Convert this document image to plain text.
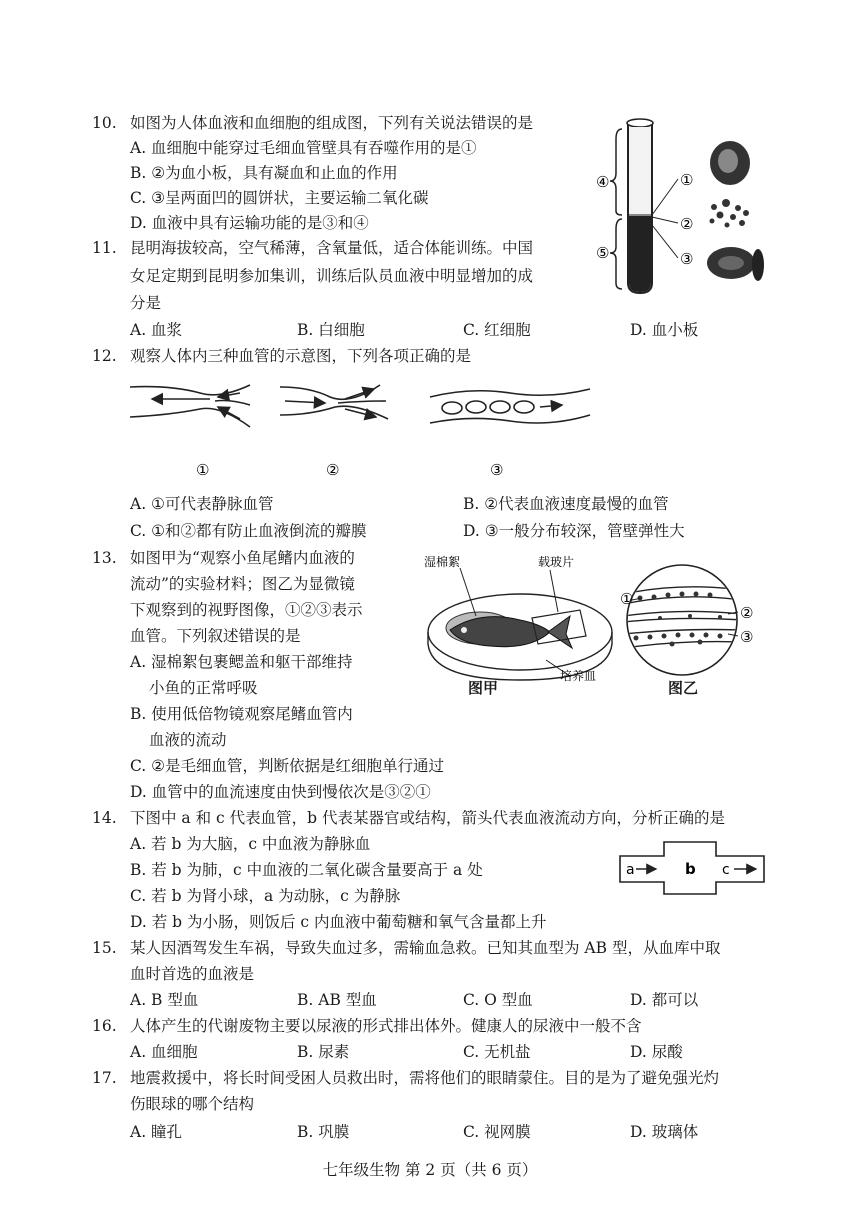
10. 如图为人体血液和血细胞的组成图，下列有关说法错误的是
A. 血细胞中能穿过毛细血管壁具有吞噬作用的是①
B. ②为血小板，具有凝血和止血的作用
C. ③呈两面凹的圆饼状，主要运输二氧化碳
D. 血液中具有运输功能的是③和④
④
⑤
①
②
③
11. 昆明海拔较高，空气稀薄，含氧量低，适合体能训练。中国
女足定期到昆明参加集训，训练后队员血液中明显增加的成
分是
A. 血浆	B. 白细胞	C. 红细胞	D. 血小板
12. 观察人体内三种血管的示意图，下列各项正确的是
①	②	③
A. ①可代表静脉血管	B. ②代表血液速度最慢的血管
C. ①和②都有防止血液倒流的瓣膜	D. ③一般分布较深，管壁弹性大
13. 如图甲为“观察小鱼尾鳍内血液的
流动”的实验材料；图乙为显微镜
下观察到的视野图像，①②③表示
血管。下列叙述错误的是
A. 湿棉絮包裹鳃盖和躯干部维持
小鱼的正常呼吸
B. 使用低倍物镜观察尾鳍血管内
血液的流动
C. ②是毛细血管，判断依据是红细胞单行通过
D. 血管中的血流速度由快到慢依次是③②①
湿棉絮	载玻片
培养皿
图甲
①
②
③
图乙
14. 下图中 a 和 c 代表血管，b 代表某器官或结构，箭头代表血液流动方向，分析正确的是
A. 若 b 为大脑，c 中血液为静脉血
B. 若 b 为肺，c 中血液的二氧化碳含量要高于 a 处
C. 若 b 为肾小球，a 为动脉，c 为静脉
D. 若 b 为小肠，则饭后 c 内血液中葡萄糖和氧气含量都上升
a	b c
15. 某人因酒驾发生车祸，导致失血过多，需输血急救。已知其血型为 AB 型，从血库中取
血时首选的血液是
A. B 型血	B. AB 型血	C. O 型血	D. 都可以
16. 人体产生的代谢废物主要以尿液的形式排出体外。健康人的尿液中一般不含
A. 血细胞	B. 尿素	C. 无机盐	D. 尿酸
17. 地震救援中，将长时间受困人员救出时，需将他们的眼睛蒙住。目的是为了避免强光灼
伤眼球的哪个结构
A. 瞳孔	B. 巩膜	C. 视网膜	D. 玻璃体
七年级生物 第 2 页（共 6 页）
